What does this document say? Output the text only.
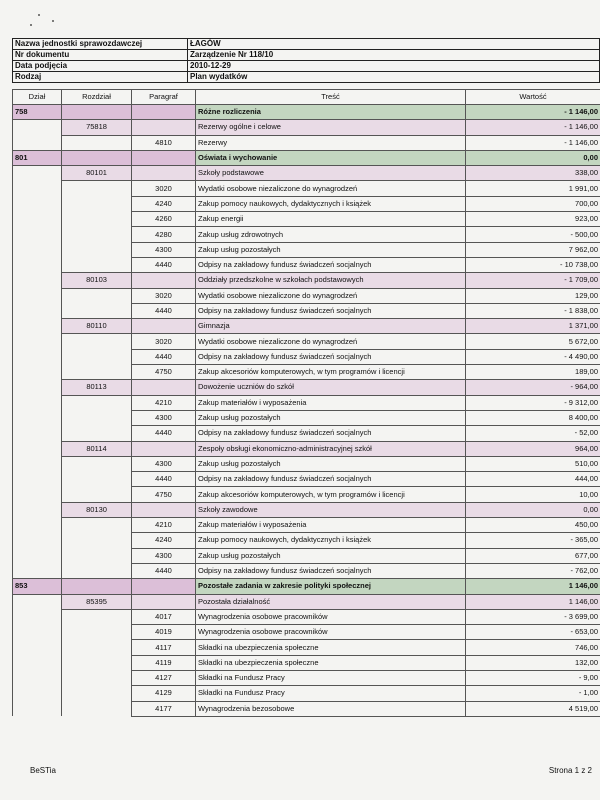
Nazwa jednostki sprawozdawczej	ŁAGÓW
Nr dokumentu	Zarządzenie Nr 118/10
Data podjęcia	2010-12-29
Rodzaj	Plan wydatków
Dział	Rozdział	Paragraf	Treść	Wartość
758			Różne rozliczenia	- 1 146,00
	75818		Rezerwy ogólne i celowe	- 1 146,00
		4810	Rezerwy	- 1 146,00
801			Oświata i wychowanie	0,00
	80101		Szkoły podstawowe	338,00
		3020	Wydatki osobowe niezaliczone do wynagrodzeń	1 991,00
		4240	Zakup pomocy naukowych, dydaktycznych i książek	700,00
		4260	Zakup energii	923,00
		4280	Zakup usług zdrowotnych	- 500,00
		4300	Zakup usług pozostałych	7 962,00
		4440	Odpisy na zakładowy fundusz świadczeń socjalnych	- 10 738,00
	80103		Oddziały przedszkolne w szkołach podstawowych	- 1 709,00
		3020	Wydatki osobowe niezaliczone do wynagrodzeń	129,00
		4440	Odpisy na zakładowy fundusz świadczeń socjalnych	- 1 838,00
	80110		Gimnazja	1 371,00
		3020	Wydatki osobowe niezaliczone do wynagrodzeń	5 672,00
		4440	Odpisy na zakładowy fundusz świadczeń socjalnych	- 4 490,00
		4750	Zakup akcesoriów komputerowych, w tym programów i licencji	189,00
	80113		Dowożenie uczniów do szkół	- 964,00
		4210	Zakup materiałów i wyposażenia	- 9 312,00
		4300	Zakup usług pozostałych	8 400,00
		4440	Odpisy na zakładowy fundusz świadczeń socjalnych	- 52,00
	80114		Zespoły obsługi ekonomiczno-administracyjnej szkół	964,00
		4300	Zakup usług pozostałych	510,00
		4440	Odpisy na zakładowy fundusz świadczeń socjalnych	444,00
		4750	Zakup akcesoriów komputerowych, w tym programów i licencji	10,00
	80130		Szkoły zawodowe	0,00
		4210	Zakup materiałów i wyposażenia	450,00
		4240	Zakup pomocy naukowych, dydaktycznych i książek	- 365,00
		4300	Zakup usług pozostałych	677,00
		4440	Odpisy na zakładowy fundusz świadczeń socjalnych	- 762,00
853			Pozostałe zadania w zakresie polityki społecznej	1 146,00
	85395		Pozostała działalność	1 146,00
		4017	Wynagrodzenia osobowe pracowników	- 3 699,00
		4019	Wynagrodzenia osobowe pracowników	- 653,00
		4117	Składki na ubezpieczenia społeczne	746,00
		4119	Składki na ubezpieczenia społeczne	132,00
		4127	Składki na Fundusz Pracy	- 9,00
		4129	Składki na Fundusz Pracy	- 1,00
		4177	Wynagrodzenia bezosobowe	4 519,00
BeSTia	Strona 1 z 2
